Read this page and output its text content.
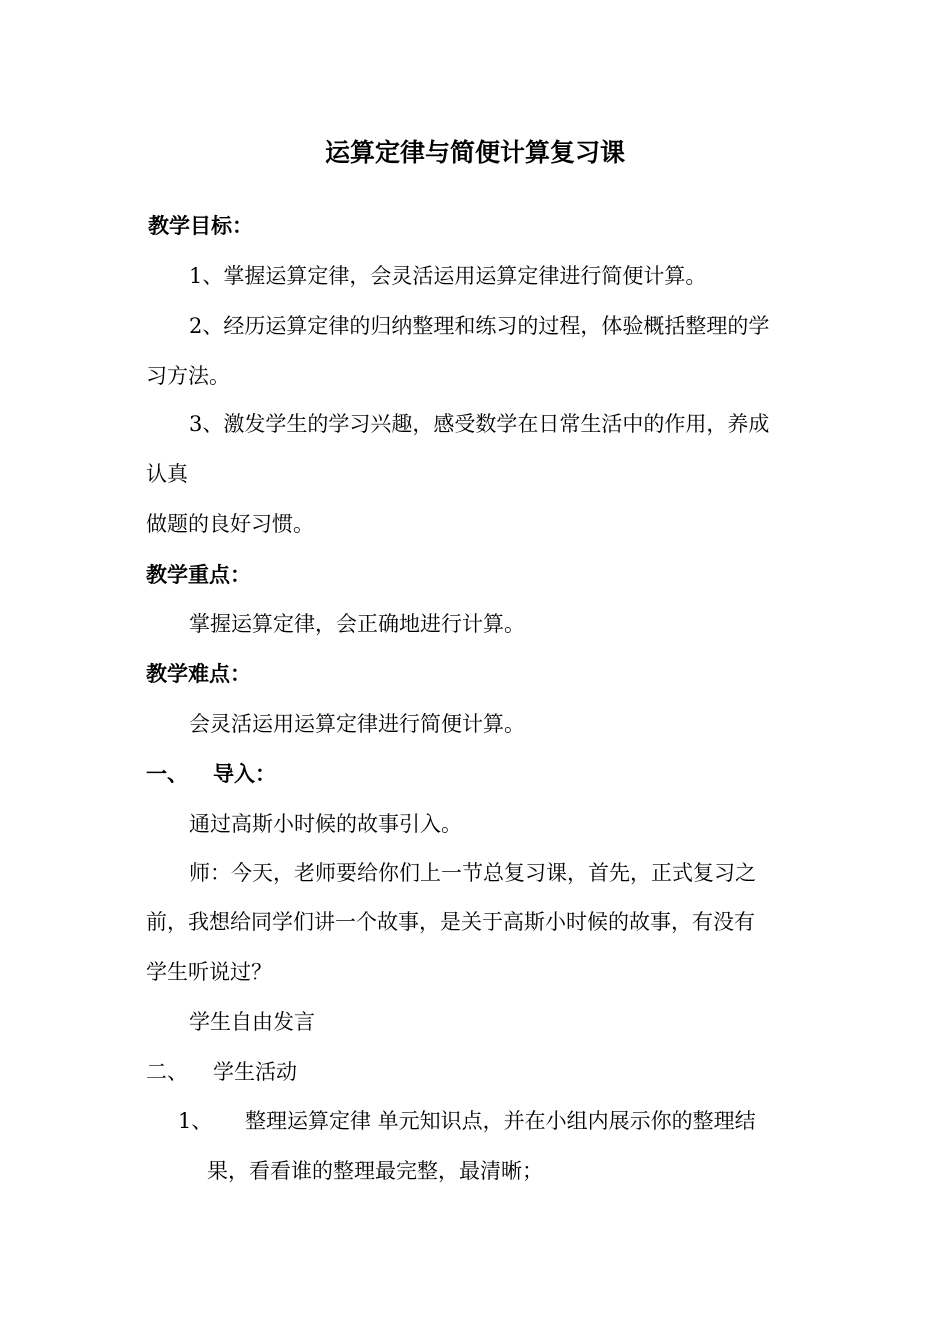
运算定律与简便计算复习课
教学目标：
1、掌握运算定律，会灵活运用运算定律进行简便计算。
2、经历运算定律的归纳整理和练习的过程，体验概括整理的学
习方法。
3、激发学生的学习兴趣，感受数学在日常生活中的作用，养成
认真
做题的良好习惯。
教学重点：
掌握运算定律，会正确地进行计算。
教学难点：
会灵活运用运算定律进行简便计算。
一、 导入：
通过高斯小时候的故事引入。
师：今天，老师要给你们上一节总复习课，首先，正式复习之
前，我想给同学们讲一个故事，是关于高斯小时候的故事，有没有
学生听说过？
学生自由发言
二、 学生活动
1、 整理运算定律 单元知识点，并在小组内展示你的整理结
果，看看谁的整理最完整，最清晰；
